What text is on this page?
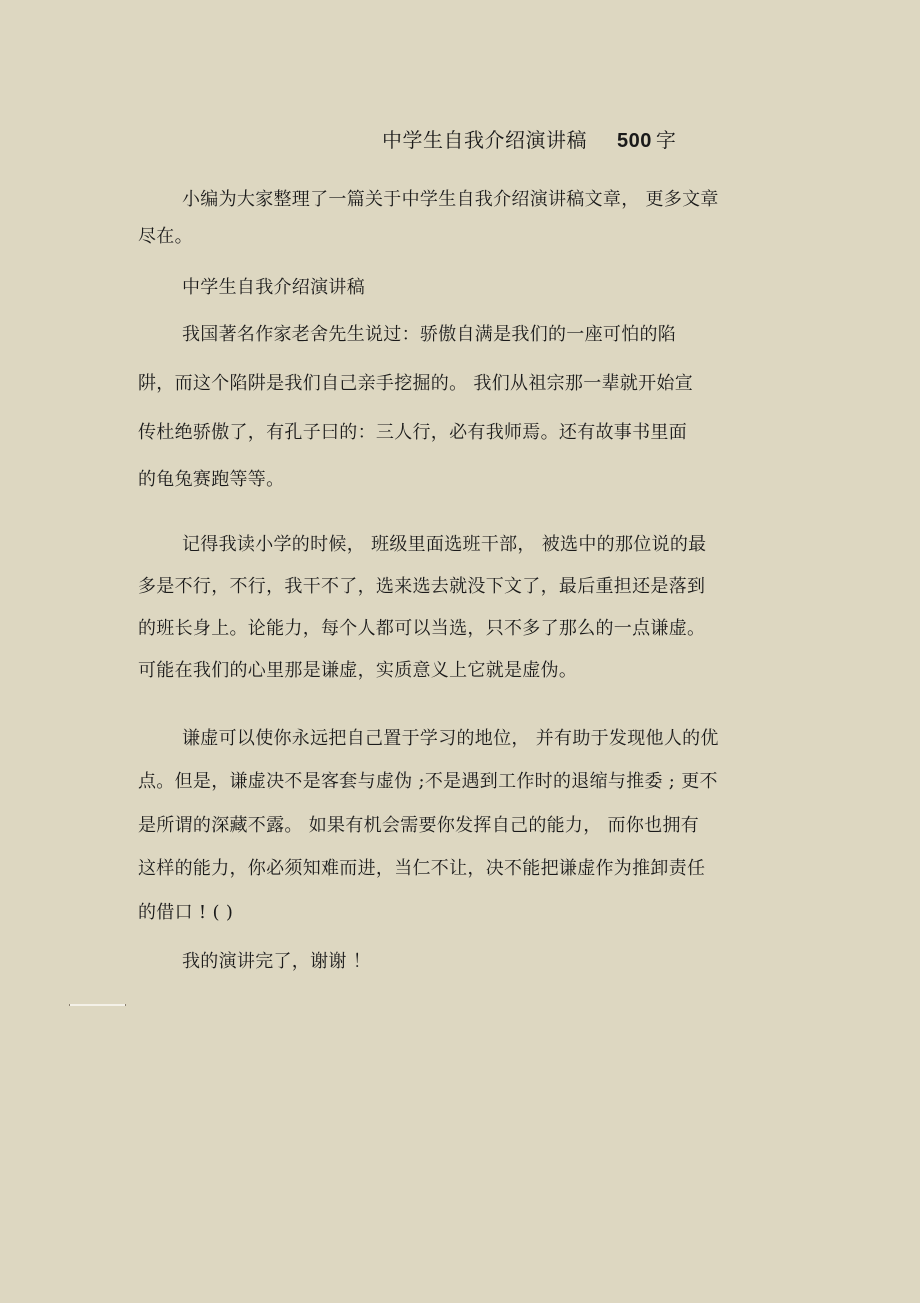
中学生自我介绍演讲稿 500 字
小编为大家整理了一篇关于中学生自我介绍演讲稿文章， 更多文章
尽在。
中学生自我介绍演讲稿
我国著名作家老舍先生说过：骄傲自满是我们的一座可怕的陷
阱，而这个陷阱是我们自己亲手挖掘的。 我们从祖宗那一辈就开始宣
传杜绝骄傲了，有孔子曰的：三人行，必有我师焉。还有故事书里面
的龟兔赛跑等等。
记得我读小学的时候， 班级里面选班干部， 被选中的那位说的最
多是不行，不行，我干不了，选来选去就没下文了，最后重担还是落到
的班长身上。论能力，每个人都可以当选，只不多了那么的一点谦虚。
可能在我们的心里那是谦虚，实质意义上它就是虚伪。
谦虚可以使你永远把自己置于学习的地位， 并有助于发现他人的优
点。但是，谦虚决不是客套与虚伪 ;不是遇到工作时的退缩与推委 ; 更不
是所谓的深藏不露。 如果有机会需要你发挥自己的能力， 而你也拥有
这样的能力，你必须知难而进，当仁不让，决不能把谦虚作为推卸责任
的借口 ! ( )
我的演讲完了，谢谢 ！
